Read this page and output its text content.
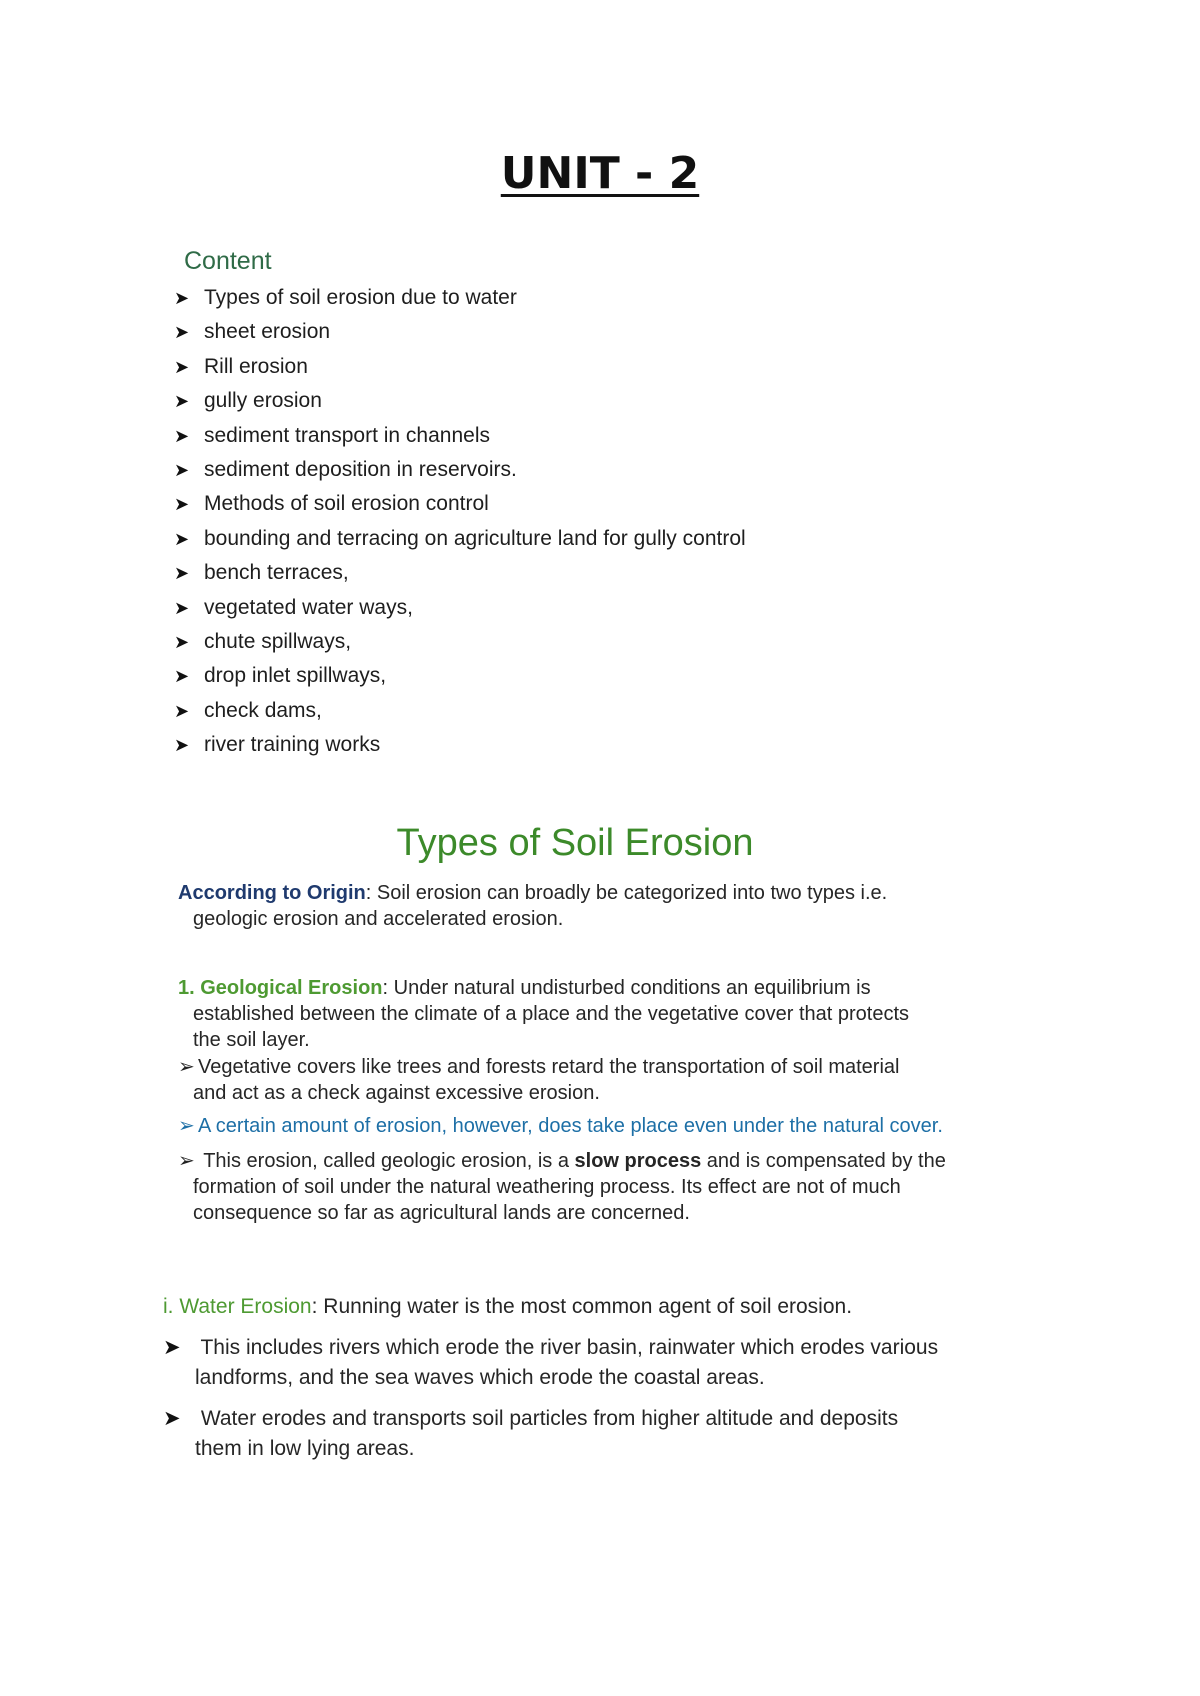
UNIT - 2
Content
➤ Types of soil erosion due to water
➤ sheet erosion
➤ Rill erosion
➤ gully erosion
➤ sediment transport in channels
➤ sediment deposition in reservoirs.
➤ Methods of soil erosion control
➤ bounding and terracing on agriculture land for gully control
➤ bench terraces,
➤ vegetated water ways,
➤ chute spillways,
➤ drop inlet spillways,
➤ check dams,
➤ river training works
Types of Soil Erosion
According to Origin: Soil erosion can broadly be categorized into two types i.e.
geologic erosion and accelerated erosion.
1. Geological Erosion: Under natural undisturbed conditions an equilibrium is
established between the climate of a place and the vegetative cover that protects
the soil layer.
➢ Vegetative covers like trees and forests retard the transportation of soil material
and act as a check against excessive erosion.
➢ A certain amount of erosion, however, does take place even under the natural cover.
➢ This erosion, called geologic erosion, is a slow process and is compensated by the
formation of soil under the natural weathering process. Its effect are not of much
consequence so far as agricultural lands are concerned.
i. Water Erosion: Running water is the most common agent of soil erosion.
➤ This includes rivers which erode the river basin, rainwater which erodes various
landforms, and the sea waves which erode the coastal areas.
➤ Water erodes and transports soil particles from higher altitude and deposits
them in low lying areas.
